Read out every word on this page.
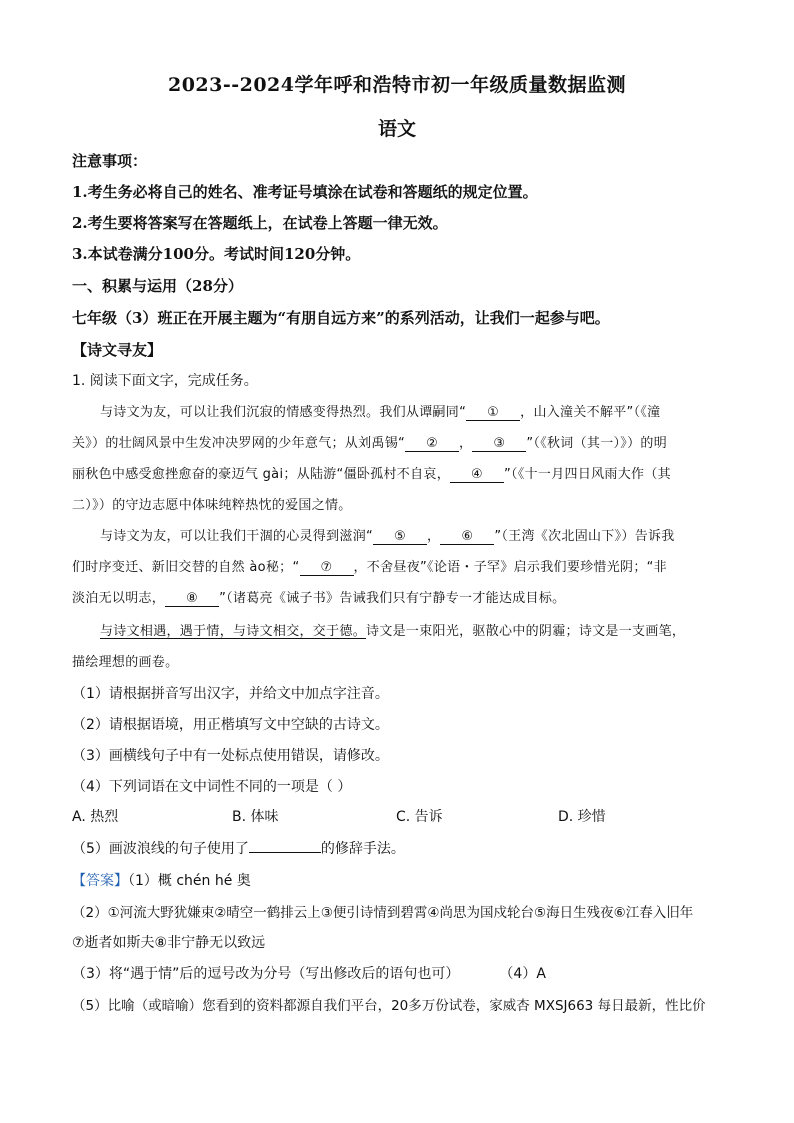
2023--2024学年呼和浩特市初一年级质量数据监测
语文
注意事项：
1.考生务必将自己的姓名、准考证号填涂在试卷和答题纸的规定位置。
2.考生要将答案写在答题纸上，在试卷上答题一律无效。
3.本试卷满分100分。考试时间120分钟。
一、积累与运用（28分）
七年级（3）班正在开展主题为“有朋自远方来”的系列活动，让我们一起参与吧。
【诗文寻友】
1. 阅读下面文字，完成任务。
与诗文为友，可以让我们沉寂的情感变得热烈。我们从谭嗣同“ ① ，山入潼关不解平”（《潼
关》）的壮阔风景中生发冲决罗网的少年意气；从刘禹锡“ ② ， ③ ”（《秋词（其一）》）的明
丽秋色中感受愈挫愈奋的豪迈气 gài；从陆游“僵卧孤村不自哀， ④ ”（《十一月四日风雨大作（其
二）》）的守边志愿中体味纯粹热忱的爱国之情。
与诗文为友，可以让我们干涸的心灵得到滋润“ ⑤ ， ⑥ ”（王湾《次北固山下》）告诉我
们时序变迁、新旧交替的自然 ào秘；“ ⑦ ，不舍昼夜”《论语・子罕》启示我们要珍惜光阴；“非
淡泊无以明志， ⑧ ”（诸葛亮《诫子书》告诫我们只有宁静专一才能达成目标。
与诗文相遇，遇于情，与诗文相交，交于德。诗文是一束阳光，驱散心中的阴霾；诗文是一支画笔，
描绘理想的画卷。
（1）请根据拼音写出汉字，并给文中加点字注音。
（2）请根据语境，用正楷填写文中空缺的古诗文。
（3）画横线句子中有一处标点使用错误，请修改。
（4）下列词语在文中词性不同的一项是（ ）
A. 热烈	B. 体味	C. 告诉	D. 珍惜
（5）画波浪线的句子使用了	的修辞手法。
【答案】（1）概 chén hé 奥
（2）①河流大野犹嫌束②晴空一鹤排云上③便引诗情到碧霄④尚思为国戍轮台⑤海日生残夜⑥江春入旧年
⑦逝者如斯夫⑧非宁静无以致远
（3）将“遇于情”后的逗号改为分号（写出修改后的语句也可）	（4）A
（5）比喻（或暗喻）您看到的资料都源自我们平台，20多万份试卷，家威杏 MXSJ663 每日最新，性比价
